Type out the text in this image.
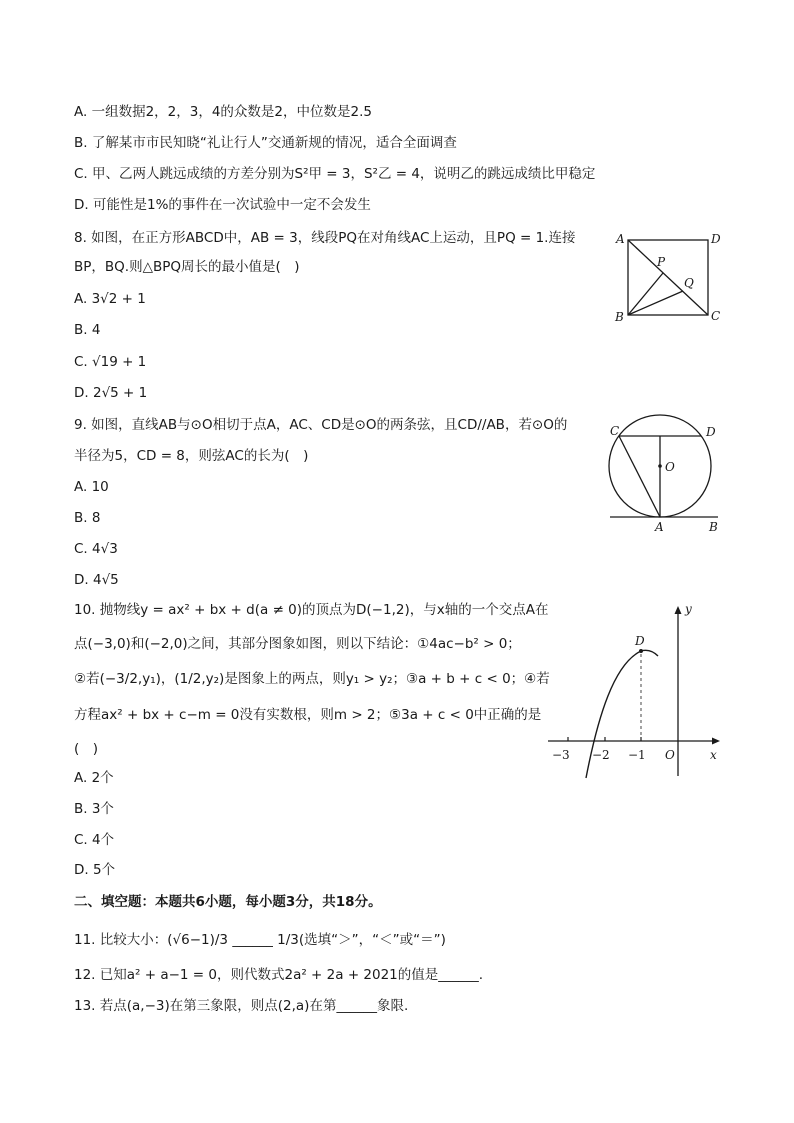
A. 一组数据2，2，3，4的众数是2，中位数是2.5
B. 了解某市市民知晓“礼让行人”交通新规的情况，适合全面调查
C. 甲、乙两人跳远成绩的方差分别为S²甲 = 3，S²乙 = 4，说明乙的跳远成绩比甲稳定
D. 可能性是1%的事件在一次试验中一定不会发生
8. 如图，在正方形ABCD中，AB = 3，线段PQ在对角线AC上运动，且PQ = 1.连接
BP，BQ.则△BPQ周长的最小值是(　)
A. 3√2 + 1
B. 4
C. √19 + 1
D. 2√5 + 1
A	D
B	C
P
Q
9. 如图，直线AB与⊙O相切于点A，AC、CD是⊙O的两条弦，且CD//AB，若⊙O的
半径为5，CD = 8，则弦AC的长为(　)
A. 10
B. 8
C. 4√3
D. 4√5
C	D
O
A	B
10. 抛物线y = ax² + bx + d(a ≠ 0)的顶点为D(−1,2)，与x轴的一个交点A在
点(−3,0)和(−2,0)之间，其部分图象如图，则以下结论：①4ac−b² > 0；
②若(−3/2,y₁)，(1/2,y₂)是图象上的两点，则y₁ > y₂；③a + b + c < 0；④若
方程ax² + bx + c−m = 0没有实数根，则m > 2；⑤3a + c < 0中正确的是
(　)
A. 2个
B. 3个
C. 4个
D. 5个
y
x
D
O
−3 −2 −1
二、填空题：本题共6小题，每小题3分，共18分。
11. 比较大小：(√6−1)/3 ______ 1/3(选填“＞”，“＜”或“＝”)
12. 已知a² + a−1 = 0，则代数式2a² + 2a + 2021的值是______.
13. 若点(a,−3)在第三象限，则点(2,a)在第______象限.
